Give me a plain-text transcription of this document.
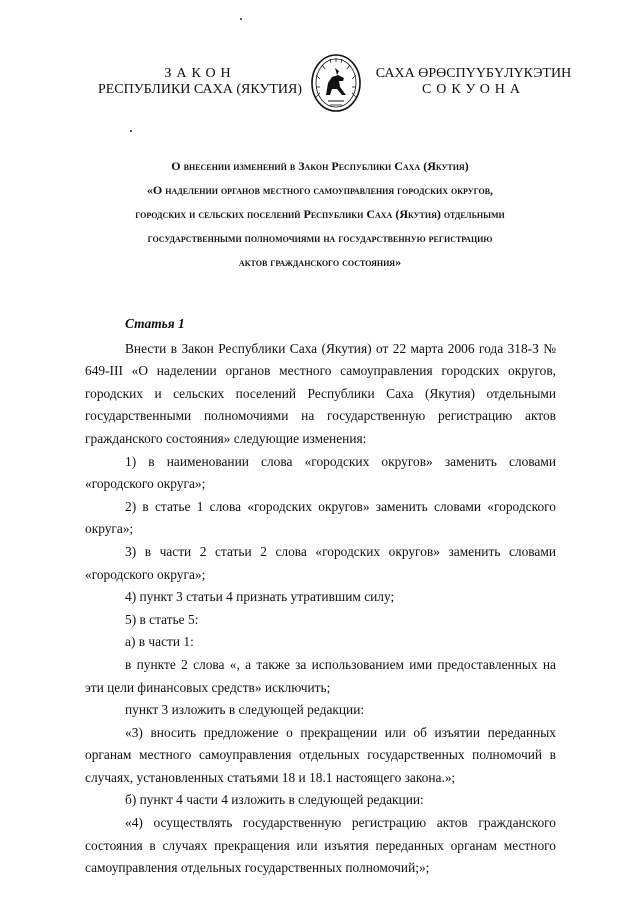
ЗАКОН
РЕСПУБЛИКИ САХА (ЯКУТИЯ)
САХА ӨРӨСПҮҮБҮЛҮКЭТИН
СОКУОНА
О внесении изменений в Закон Республики Саха (Якутия)
«О наделении органов местного самоуправления городских округов,
городских и сельских поселений Республики Саха (Якутия) отдельными
государственными полномочиями на государственную регистрацию
актов гражданского состояния»
Статья 1

Внести в Закон Республики Саха (Якутия) от 22 марта 2006 года 318-З № 649-III «О наделении органов местного самоуправления городских округов, городских и сельских поселений Республики Саха (Якутия) отдельными государственными полномочиями на государственную регистрацию актов гражданского состояния» следующие изменения:

1) в наименовании слова «городских округов» заменить словами «городского округа»;

2) в статье 1 слова «городских округов» заменить словами «городского округа»;

3) в части 2 статьи 2 слова «городских округов» заменить словами «городского округа»;

4) пункт 3 статьи 4 признать утратившим силу;

5) в статье 5:

а) в части 1:

в пункте 2 слова «, а также за использованием ими предоставленных на эти цели финансовых средств» исключить;

пункт 3 изложить в следующей редакции:

«3) вносить предложение о прекращении или об изъятии переданных органам местного самоуправления отдельных государственных полномочий в случаях, установленных статьями 18 и 18.1 настоящего закона.»;

б) пункт 4 части 4 изложить в следующей редакции:

«4) осуществлять государственную регистрацию актов гражданского состояния в случаях прекращения или изъятия переданных органам местного самоуправления отдельных государственных полномочий;»;
